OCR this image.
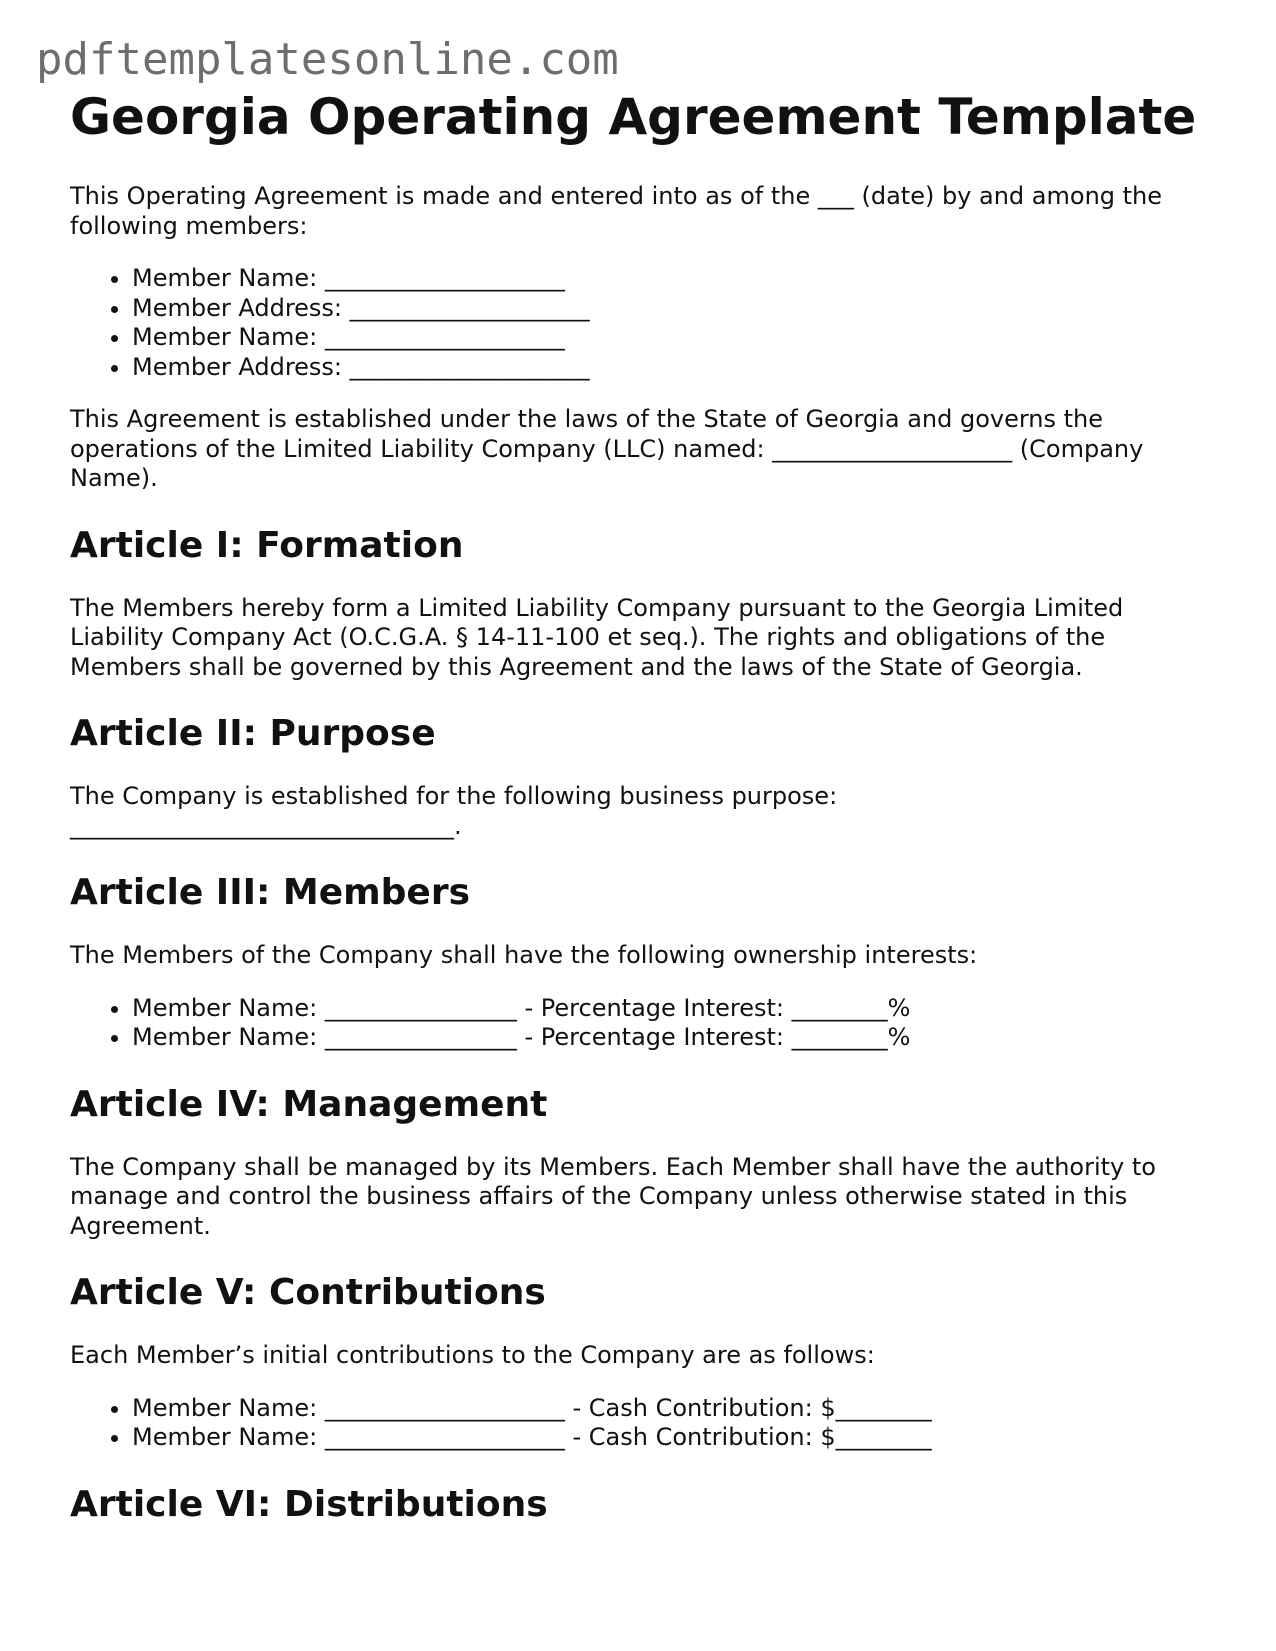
pdftemplatesonline.com
Georgia Operating Agreement Template

This Operating Agreement is made and entered into as of the ___ (date) by and among the following members:

• Member Name: ____________________
• Member Address: ____________________
• Member Name: ____________________
• Member Address: ____________________

This Agreement is established under the laws of the State of Georgia and governs the operations of the Limited Liability Company (LLC) named: ____________________ (Company Name).

Article I: Formation

The Members hereby form a Limited Liability Company pursuant to the Georgia Limited Liability Company Act (O.C.G.A. § 14-11-100 et seq.). The rights and obligations of the Members shall be governed by this Agreement and the laws of the State of Georgia.

Article II: Purpose

The Company is established for the following business purpose: ________________________________.

Article III: Members

The Members of the Company shall have the following ownership interests:

• Member Name: ________________ - Percentage Interest: ________%
• Member Name: ________________ - Percentage Interest: ________%
Article IV: Management

The Company shall be managed by its Members. Each Member shall have the authority to manage and control the business affairs of the Company unless otherwise stated in this Agreement.

Article V: Contributions

Each Member’s initial contributions to the Company are as follows:

• Member Name: ____________________ - Cash Contribution: $________
• Member Name: ____________________ - Cash Contribution: $________
Article VI: Distributions
